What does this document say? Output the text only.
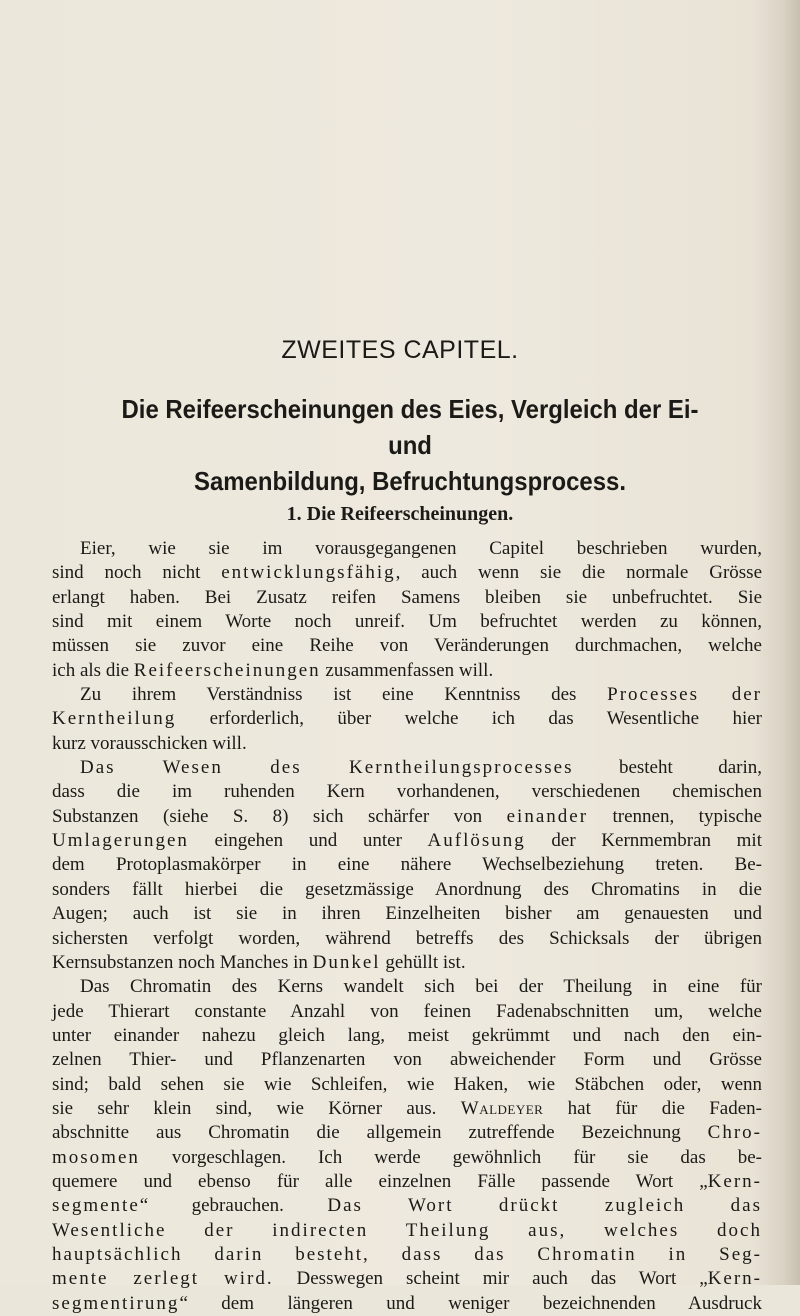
ZWEITES CAPITEL.
Die Reifeerscheinungen des Eies, Vergleich der Ei- und
Samenbildung, Befruchtungsprocess.
1. Die Reifeerscheinungen.
Eier, wie sie im vorausgegangenen Capitel beschrieben wurden,
sind noch nicht entwicklungsfähig, auch wenn sie die normale Grösse
erlangt haben. Bei Zusatz reifen Samens bleiben sie unbefruchtet. Sie
sind mit einem Worte noch unreif. Um befruchtet werden zu können,
müssen sie zuvor eine Reihe von Veränderungen durchmachen, welche
ich als die Reifeerscheinungen zusammenfassen will.
Zu ihrem Verständniss ist eine Kenntniss des Processes der
Kerntheilung erforderlich, über welche ich das Wesentliche hier
kurz vorausschicken will.
Das Wesen des Kerntheilungsprocesses besteht darin,
dass die im ruhenden Kern vorhandenen, verschiedenen chemischen
Substanzen (siehe S. 8) sich schärfer von einander trennen, typische
Umlagerungen eingehen und unter Auflösung der Kernmembran mit
dem Protoplasmakörper in eine nähere Wechselbeziehung treten. Be-
sonders fällt hierbei die gesetzmässige Anordnung des Chromatins in die
Augen; auch ist sie in ihren Einzelheiten bisher am genauesten und
sichersten verfolgt worden, während betreffs des Schicksals der übrigen
Kernsubstanzen noch Manches in Dunkel gehüllt ist.
Das Chromatin des Kerns wandelt sich bei der Theilung in eine für
jede Thierart constante Anzahl von feinen Fadenabschnitten um, welche
unter einander nahezu gleich lang, meist gekrümmt und nach den ein-
zelnen Thier- und Pflanzenarten von abweichender Form und Grösse
sind; bald sehen sie wie Schleifen, wie Haken, wie Stäbchen oder, wenn
sie sehr klein sind, wie Körner aus. Waldeyer hat für die Faden-
abschnitte aus Chromatin die allgemein zutreffende Bezeichnung Chro-
mosomen vorgeschlagen. Ich werde gewöhnlich für sie das be-
quemere und ebenso für alle einzelnen Fälle passende Wort „Kern-
segmente“ gebrauchen. Das Wort drückt zugleich das
Wesentliche der indirecten Theilung aus, welches doch
hauptsächlich darin besteht, dass das Chromatin in Seg-
mente zerlegt wird. Desswegen scheint mir auch das Wort „Kern-
segmentirung“ dem längeren und weniger bezeichnenden Ausdruck
